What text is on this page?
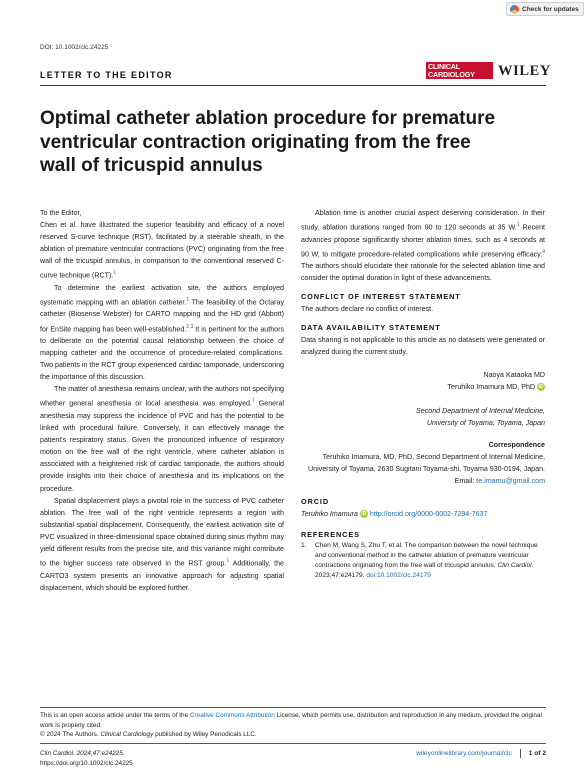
Check for updates
DOI: 10.1002/clc.24225
LETTER TO THE EDITOR
CLINICAL
CARDIOLOGY	WILEY
Optimal catheter ablation procedure for premature ventricular contraction originating from the free wall of tricuspid annulus

To the Editor,

Chen et al. have illustrated the superior feasibility and efficacy of a novel reserved S-curve technique (RST), facilitated by a steerable sheath, in the ablation of premature ventricular contractions (PVC) originating from the free wall of the tricuspid annulus, in comparison to the conventional reserved C-curve technique (RCT).$^1$

To determine the earliest activation site, the authors employed systematic mapping with an ablation catheter.$^1$ The feasibility of the Octaray catheter (Biosense Webster) for CARTO mapping and the HD grid (Abbott) for EnSite mapping has been well-established.$^{2,3}$ It is pertinent for the authors to deliberate on the potential causal relationship between the choice of mapping catheter and the occurrence of procedure-related complications. Two patients in the RCT group experienced cardiac tamponade, underscoring the importance of this discussion.

The matter of anesthesia remains unclear, with the authors not specifying whether general anesthesia or local anesthesia was employed.$^1$ General anesthesia may suppress the incidence of PVC and has the potential to be linked with procedural failure. Conversely, it can effectively manage the patient's respiratory status. Given the pronounced influence of respiratory motion on the free wall of the right ventricle, where catheter ablation is associated with a heightened risk of cardiac tamponade, the authors should provide insights into their choice of anesthesia and its implications on the procedure.

Spatial displacement plays a pivotal role in the success of PVC catheter ablation. The free wall of the right ventricle represents a region with substantial spatial displacement. Consequently, the earliest activation site of PVC visualized in three-dimensional space obtained during sinus rhythm may yield different results from the precise site, and this variance might contribute to the higher success rate observed in the RST group.$^1$ Additionally, the CARTO3 system presents an innovative approach for adjusting spatial displacement, which should be explored further.

Ablation time is another crucial aspect deserving consideration. In their study, ablation durations ranged from 90 to 120 seconds at 35 W.$^1$ Recent advances propose significantly shorter ablation times, such as 4 seconds at 90 W, to mitigate procedure-related complications while preserving efficacy.$^4$ The authors should elucidate their rationale for the selected ablation time and consider the optimal duration in light of these advancements.

CONFLICT OF INTEREST STATEMENT

The authors declare no conflict of interest.

DATA AVAILABILITY STATEMENT

Data sharing is not applicable to this article as no datasets were generated or analyzed during the current study.

Naoya Kataoka MD

Teruhiko Imamura MD, PhD iD

Second Department of Internal Medicine,

University of Toyama, Toyama, Japan

Correspondence

Teruhiko Imamura, MD, PhD, Second Department of Internal Medicine, University of Toyama, 2630 Sugitani Toyama-shi, Toyama 930-0194, Japan.

Email: te.imamu@gmail.com

ORCID

Teruhiko Imamura iD http://orcid.org/0000-0002-7294-7637

REFERENCES
1.	Chen M, Wang S, Zhu T, et al. The comparison between the novel technique and conventional method in the catheter ablation of premature ventricular contractions originating from the free wall of tricuspid annulus. Clin Cardiol. 2023;47:e24179. doi:10.1002/clc.24179
This is an open access article under the terms of the Creative Commons Attribution License, which permits use, distribution and reproduction in any medium, provided the original work is properly cited.
© 2024 The Authors. Clinical Cardiology published by Wiley Periodicals LLC.
Clin Cardiol. 2024;47:e24225.
https://doi.org/10.1002/clc.24225
wileyonlinelibrary.com/journal/clc	1 of 2
